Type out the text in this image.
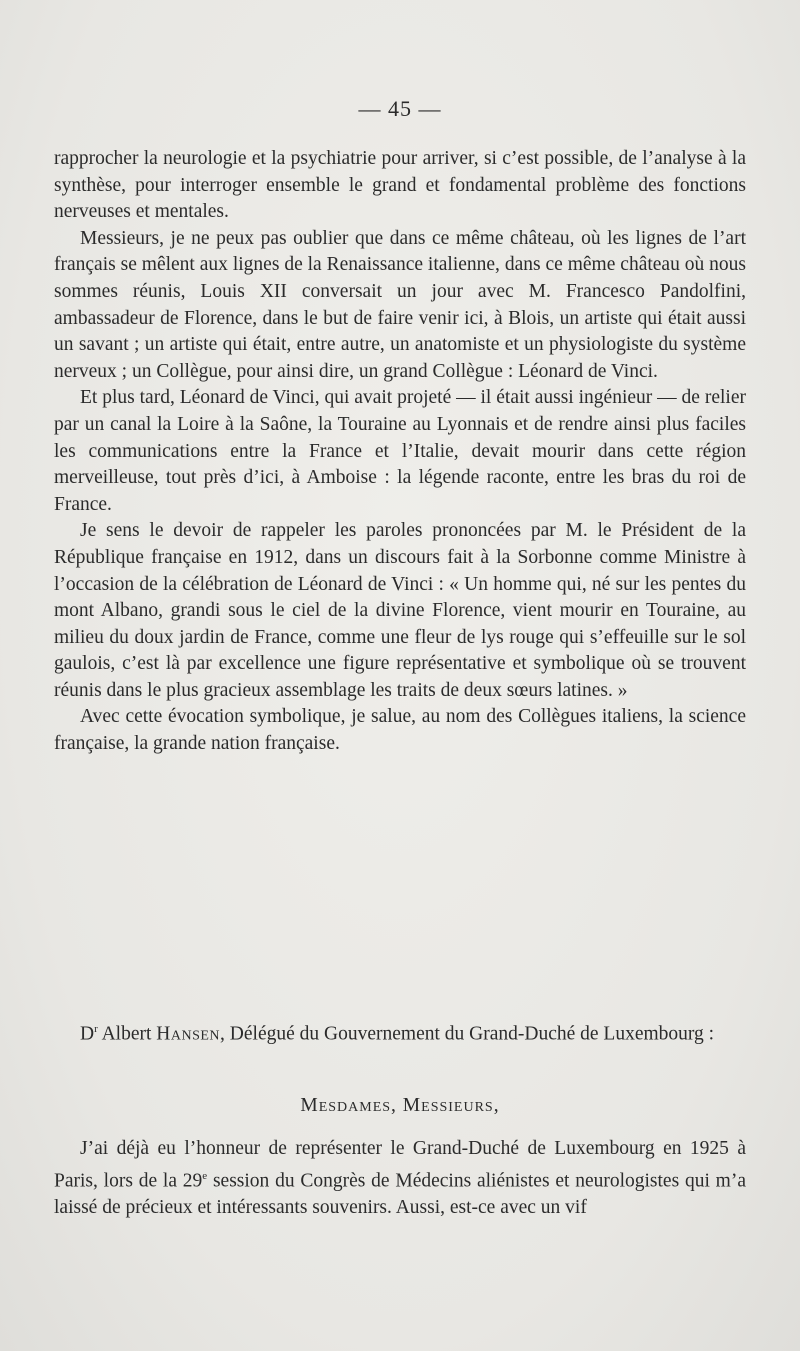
— 45 —

rapprocher la neurologie et la psychiatrie pour arriver, si c’est possible, de l’analyse à la synthèse, pour interroger ensemble le grand et fondamental problème des fonctions nerveuses et mentales.

Messieurs, je ne peux pas oublier que dans ce même château, où les lignes de l’art français se mêlent aux lignes de la Renaissance italienne, dans ce même château où nous sommes réunis, Louis XII conversait un jour avec M. Francesco Pandolfini, ambassadeur de Florence, dans le but de faire venir ici, à Blois, un artiste qui était aussi un savant ; un artiste qui était, entre autre, un anatomiste et un physiologiste du système nerveux ; un Collègue, pour ainsi dire, un grand Collègue : Léonard de Vinci.

Et plus tard, Léonard de Vinci, qui avait projeté — il était aussi ingénieur — de relier par un canal la Loire à la Saône, la Touraine au Lyonnais et de rendre ainsi plus faciles les communications entre la France et l’Italie, devait mourir dans cette région merveilleuse, tout près d’ici, à Amboise : la légende raconte, entre les bras du roi de France.

Je sens le devoir de rappeler les paroles prononcées par M. le Président de la République française en 1912, dans un discours fait à la Sorbonne comme Ministre à l’occasion de la célébration de Léonard de Vinci : « Un homme qui, né sur les pentes du mont Albano, grandi sous le ciel de la divine Florence, vient mourir en Touraine, au milieu du doux jardin de France, comme une fleur de lys rouge qui s’effeuille sur le sol gaulois, c’est là par excellence une figure représentative et symbolique où se trouvent réunis dans le plus gracieux assemblage les traits de deux sœurs latines. »

Avec cette évocation symbolique, je salue, au nom des Collègues italiens, la science française, la grande nation française.

$D^r$ Albert Hansen, Délégué du Gouvernement du Grand-Duché de Luxembourg :
Mesdames, Messieurs,

J’ai déjà eu l’honneur de représenter le Grand-Duché de Luxembourg en 1925 à Paris, lors de la 29e session du Congrès de Médecins aliénistes et neurologistes qui m’a laissé de précieux et intéressants souvenirs. Aussi, est-ce avec un vif
